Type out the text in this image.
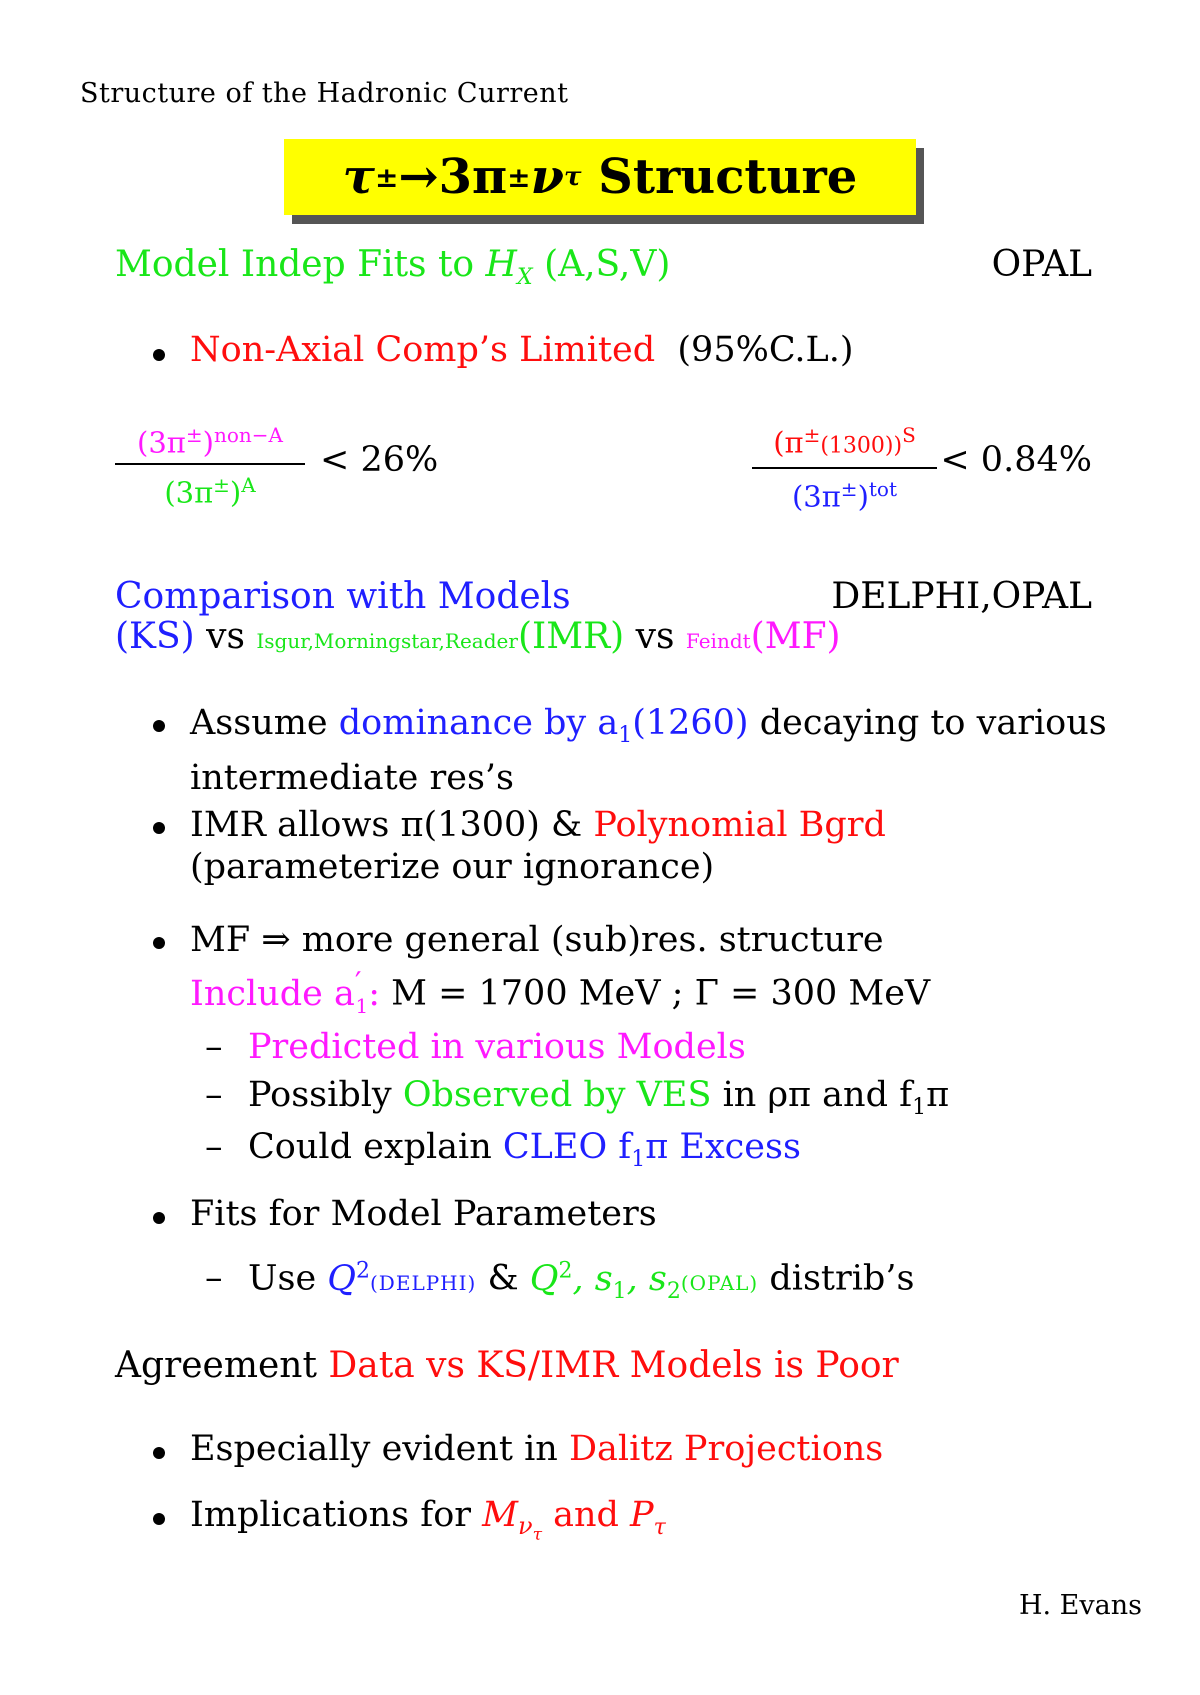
Structure of the Hadronic Current
τ ± → 3π ± ν τ
Structure
Model Indep Fits to $H_X$ (A,S,V)	OPAL
Non-Axial Comp’s Limited (95%C.L.)
$(3\pi^\pm)^{non-A}$
$(3\pi^\pm)^A$
< 26%	$(\pi^\pm(1300))^S$
$(3\pi^\pm)^{tot}$
< 0.84%
Comparison with Models	DELPHI,OPAL
(KS) vs Isgur,Morningstar,Reader(IMR) vs Feindt(MF)
Assume dominance by $a_1(1260)$ decaying to various
intermediate res’s
IMR allows π(1300) & Polynomial Bgrd
(parameterize our ignorance)
MF ⇒ more general (sub)res. structure
Include $a'_1$: M = 1700 MeV ; Γ = 300 MeV
– Predicted in various Models
– Possibly Observed by VES in ρπ and $f_1\pi$
– Could explain CLEO $f_1\pi$ Excess
Fits for Model Parameters
– Use $Q^2(DELPHI)$ & $Q^2$, $s_1$, $s_2(OPAL)$ distrib’s
Agreement Data vs KS/IMR Models is Poor
Especially evident in Dalitz Projections
Implications for $M_{\nu_\tau}$ and $P_\tau$
H. Evans
